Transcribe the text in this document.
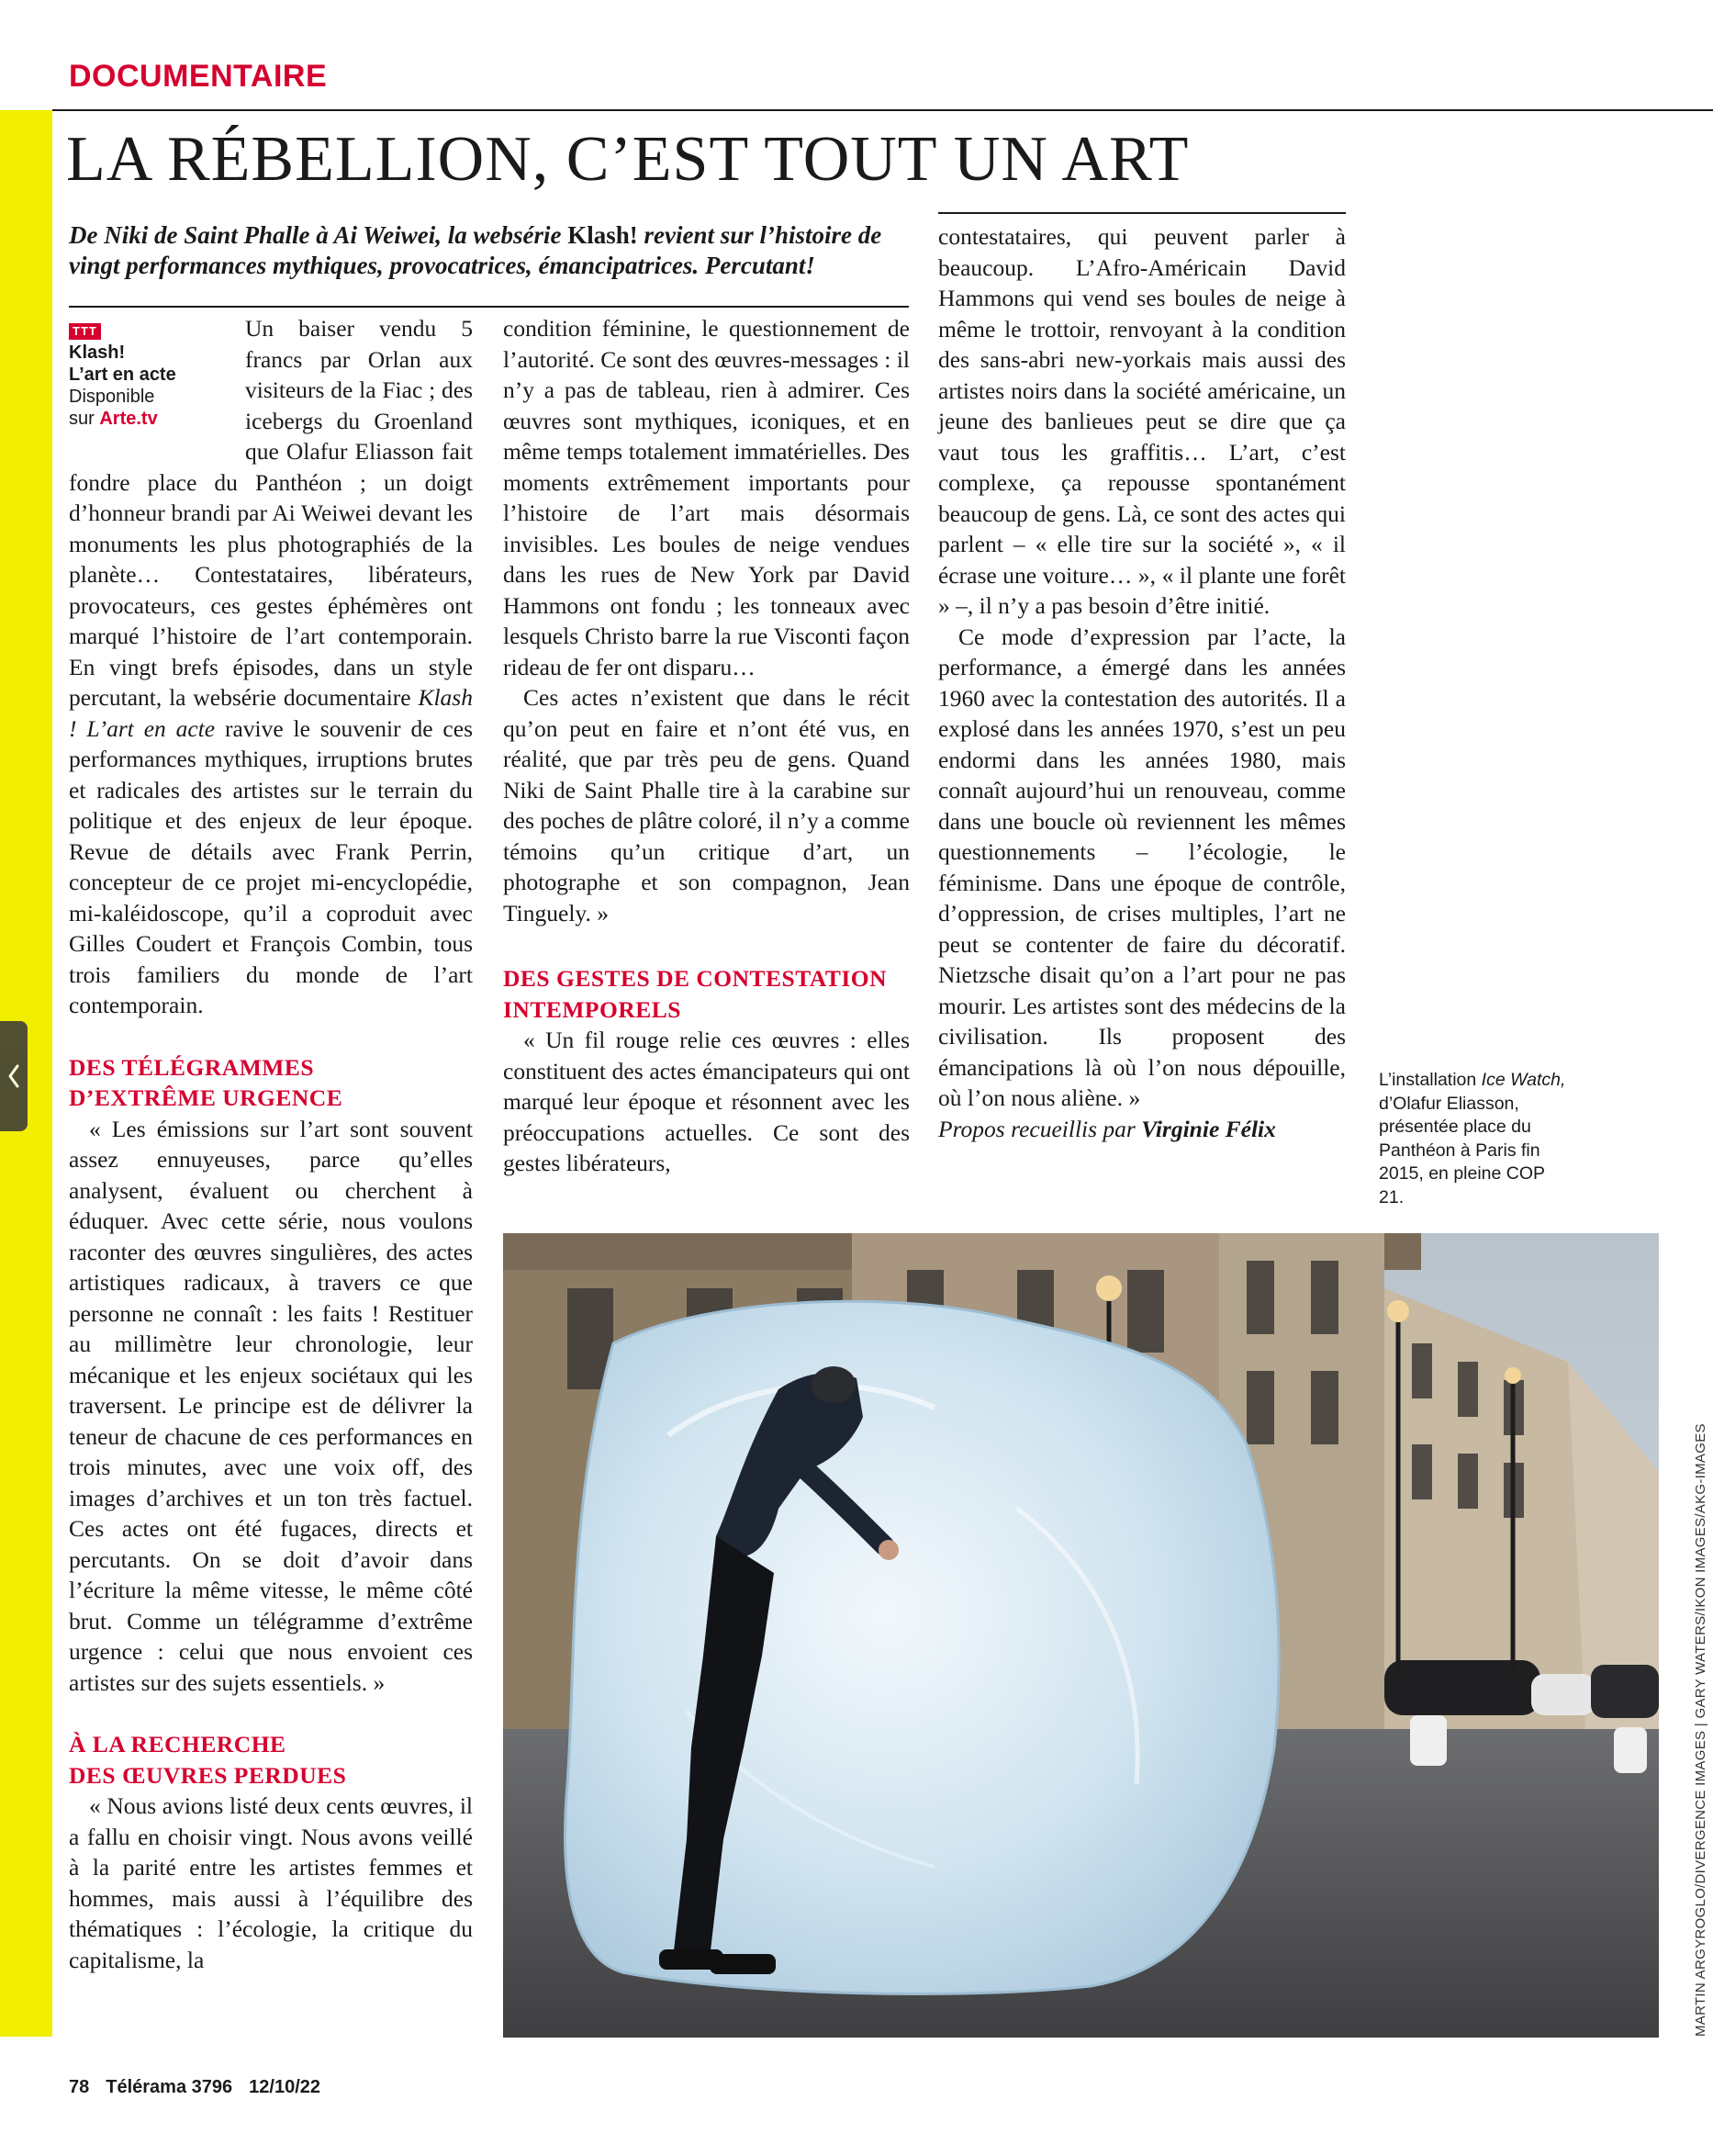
DOCUMENTAIRE
LA RÉBELLION, C’EST TOUT UN ART

De Niki de Saint Phalle à Ai Weiwei, la websérie Klash! revient sur l’histoire de vingt performances mythiques, provocatrices, émancipatrices. Percutant!

TTT
Klash!
L’art en acte
Disponible
sur Arte.tv

Un baiser vendu 5 francs par Orlan aux visiteurs de la Fiac ; des icebergs du Groenland que Olafur Eliasson fait fondre place du Panthéon ; un doigt d’honneur brandi par Ai Weiwei devant les monuments les plus photographiés de la planète… Contestataires, libérateurs, provocateurs, ces gestes éphémères ont marqué l’histoire de l’art contemporain. En vingt brefs épisodes, dans un style percutant, la websérie documentaire Klash ! L’art en acte ravive le souvenir de ces performances mythiques, irruptions brutes et radicales des artistes sur le terrain du politique et des enjeux de leur époque. Revue de détails avec Frank Perrin, concepteur de ce projet mi-encyclopédie, mi-kaléidoscope, qu’il a coproduit avec Gilles Coudert et François Combin, tous trois familiers du monde de l’art contemporain.

DES TÉLÉGRAMMES
D’EXTRÊME URGENCE

« Les émissions sur l’art sont souvent assez ennuyeuses, parce qu’elles analysent, évaluent ou cherchent à éduquer. Avec cette série, nous voulons raconter des œuvres singulières, des actes artistiques radicaux, à travers ce que personne ne connaît : les faits ! Restituer au millimètre leur chronologie, leur mécanique et les enjeux sociétaux qui les traversent. Le principe est de délivrer la teneur de chacune de ces performances en trois minutes, avec une voix off, des images d’archives et un ton très factuel. Ces actes ont été fugaces, directs et percutants. On se doit d’avoir dans l’écriture la même vitesse, le même côté brut. Comme un télégramme d’extrême urgence : celui que nous envoient ces artistes sur des sujets essentiels. »

À LA RECHERCHE
DES ŒUVRES PERDUES

« Nous avions listé deux cents œuvres, il a fallu en choisir vingt. Nous avons veillé à la parité entre les artistes femmes et hommes, mais aussi à l’équilibre des thématiques : l’écologie, la critique du capitalisme, la

condition féminine, le questionnement de l’autorité. Ce sont des œuvres-messages : il n’y a pas de tableau, rien à admirer. Ces œuvres sont mythiques, iconiques, et en même temps totalement immatérielles. Des moments extrêmement importants pour l’histoire de l’art mais désormais invisibles. Les boules de neige vendues dans les rues de New York par David Hammons ont fondu ; les tonneaux avec lesquels Christo barre la rue Visconti façon rideau de fer ont disparu…

Ces actes n’existent que dans le récit qu’on peut en faire et n’ont été vus, en réalité, que par très peu de gens. Quand Niki de Saint Phalle tire à la carabine sur des poches de plâtre coloré, il n’y a comme témoins qu’un critique d’art, un photographe et son compagnon, Jean Tinguely. »

DES GESTES DE CONTESTATION
INTEMPORELS

« Un fil rouge relie ces œuvres : elles constituent des actes émancipateurs qui ont marqué leur époque et résonnent avec les préoccupations actuelles. Ce sont des gestes libérateurs,

contestataires, qui peuvent parler à beaucoup. L’Afro-Américain David Hammons qui vend ses boules de neige à même le trottoir, renvoyant à la condition des sans-abri new-yorkais mais aussi des artistes noirs dans la société américaine, un jeune des banlieues peut se dire que ça vaut tous les graffitis… L’art, c’est complexe, ça repousse spontanément beaucoup de gens. Là, ce sont des actes qui parlent – « elle tire sur la société », « il écrase une voiture… », « il plante une forêt » –, il n’y a pas besoin d’être initié.

Ce mode d’expression par l’acte, la performance, a émergé dans les années 1960 avec la contestation des autorités. Il a explosé dans les années 1970, s’est un peu endormi dans les années 1980, mais connaît aujourd’hui un renouveau, comme dans une boucle où reviennent les mêmes questionnements – l’écologie, le féminisme. Dans une époque de contrôle, d’oppression, de crises multiples, l’art ne peut se contenter de faire du décoratif. Nietzsche disait qu’on a l’art pour ne pas mourir. Les artistes sont des médecins de la civilisation. Ils proposent des émancipations là où l’on nous dépouille, où l’on nous aliène. »

Propos recueillis par Virginie Félix

L’installation Ice Watch, d’Olafur Eliasson, présentée place du Panthéon à Paris fin 2015, en pleine COP 21.

MARTIN ARGYROGLO/DIVERGENCE IMAGES | GARY WATERS/IKON IMAGES/AKG-IMAGES
78 Télérama 3796 12/10/22
